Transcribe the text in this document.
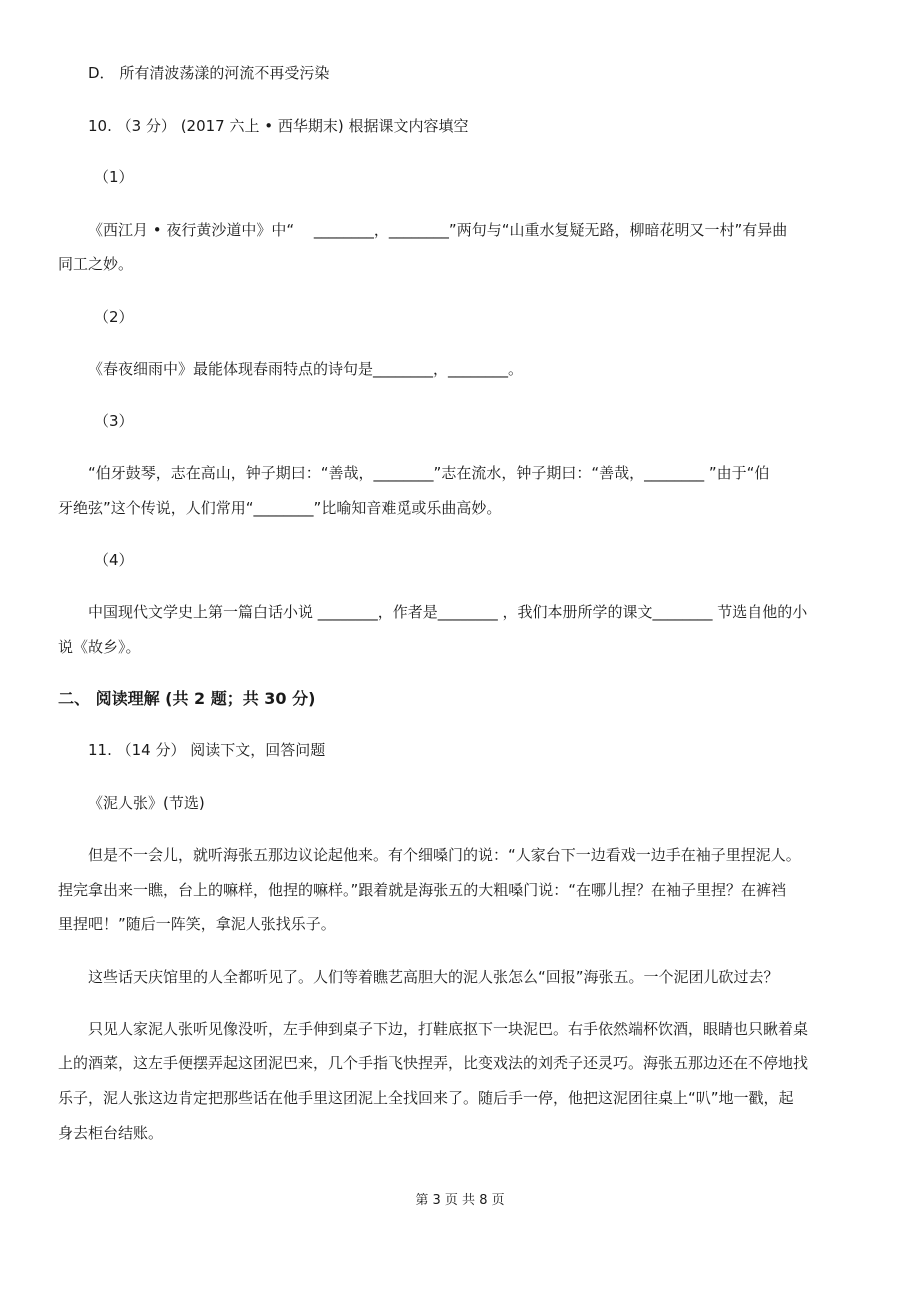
D． 所有清波荡漾的河流不再受污染
10. （3 分） (2017 六上 • 西华期末) 根据课文内容填空
（1）
《西江月 • 夜行黄沙道中》中“　 ________，________”两句与“山重水复疑无路，柳暗花明又一村”有异曲
同工之妙。
（2）
《春夜细雨中》最能体现春雨特点的诗句是________，________。
（3）
“伯牙鼓琴，志在高山，钟子期曰：“善哉，________”志在流水，钟子期曰：“善哉，________ ”由于“伯
牙绝弦”这个传说，人们常用“________”比喻知音难觅或乐曲高妙。
（4）
中国现代文学史上第一篇白话小说 ________，作者是________ ，我们本册所学的课文________ 节选自他的小
说《故乡》。
二、 阅读理解 (共 2 题；共 30 分)
11. （14 分） 阅读下文，回答问题
《泥人张》(节选)
但是不一会儿，就听海张五那边议论起他来。有个细嗓门的说：“人家台下一边看戏一边手在袖子里捏泥人。
捏完拿出来一瞧，台上的嘛样，他捏的嘛样。”跟着就是海张五的大粗嗓门说：“在哪儿捏？在袖子里捏？在裤裆
里捏吧！”随后一阵笑，拿泥人张找乐子。
这些话天庆馆里的人全都听见了。人们等着瞧艺高胆大的泥人张怎么“回报”海张五。一个泥团儿砍过去？
只见人家泥人张听见像没听，左手伸到桌子下边，打鞋底抠下一块泥巴。右手依然端杯饮酒，眼睛也只瞅着桌
上的酒菜，这左手便摆弄起这团泥巴来，几个手指飞快捏弄，比变戏法的刘秃子还灵巧。海张五那边还在不停地找
乐子，泥人张这边肯定把那些话在他手里这团泥上全找回来了。随后手一停，他把这泥团往桌上“叭”地一戳，起
身去柜台结账。
第 3 页 共 8 页
